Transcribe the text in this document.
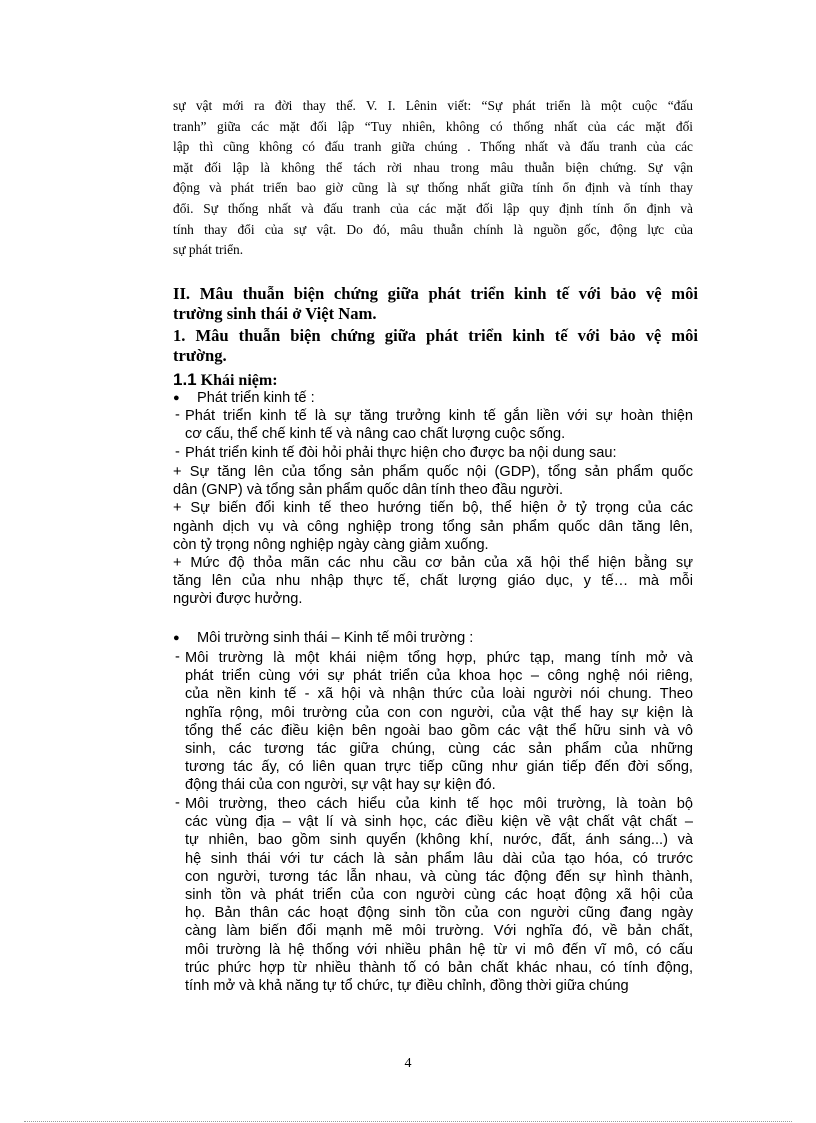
sự vật mới ra đời thay thế. V. I. Lênin viết: “Sự phát triển là một cuộc “đấu
tranh” giữa các mặt đối lập “Tuy nhiên, không có thống nhất của các mặt đối
lập thì cũng không có đấu tranh giữa chúng . Thống nhất và đấu tranh của các
mặt đối lập là không thể tách rời nhau trong mâu thuẫn biện chứng. Sự vận
động và phát triển bao giờ cũng là sự thống nhất giữa tính ổn định và tính thay
đổi. Sự thống nhất và đấu tranh của các mặt đối lập quy định tính ổn định và
tính thay đổi của sự vật. Do đó, mâu thuẫn chính là nguồn gốc, động lực của
sự phát triển.
II. Mâu thuẫn biện chứng giữa phát triển kinh tế với bảo vệ môi
trường sinh thái ở Việt Nam.
1. Mâu thuẫn biện chứng giữa phát triển kinh tế với bảo vệ môi
trường.
1.1 Khái niệm:
● Phát triển kinh tế :
- Phát triển kinh tế là sự tăng trưởng kinh tế gắn liền với sự hoàn thiện
cơ cấu, thể chế kinh tế và nâng cao chất lượng cuộc sống.
- Phát triển kinh tế đòi hỏi phải thực hiện cho được ba nội dung sau:
+ Sự tăng lên của tổng sản phẩm quốc nội (GDP), tổng sản phẩm quốc
dân (GNP) và tổng sản phẩm quốc dân tính theo đầu người.
+ Sự biến đổi kinh tế theo hướng tiến bộ, thể hiện ở tỷ trọng của các
ngành dịch vụ và công nghiệp trong tổng sản phẩm quốc dân tăng lên,
còn tỷ trọng nông nghiệp ngày càng giảm xuống.
+ Mức độ thỏa mãn các nhu cầu cơ bản của xã hội thể hiện bằng sự
tăng lên của nhu nhập thực tế, chất lượng giáo dục, y tế… mà mỗi
người được hưởng.
● Môi trường sinh thái – Kinh tế môi trường :
- Môi trường là một khái niệm tổng hợp, phức tạp, mang tính mở và
phát triển cùng với sự phát triển của khoa học – công nghệ nói riêng,
của nền kinh tế - xã hội và nhận thức của loài người nói chung. Theo
nghĩa rộng, môi trường của con con người, của vật thể hay sự kiện là
tổng thể các điều kiện bên ngoài bao gồm các vật thể hữu sinh và vô
sinh, các tương tác giữa chúng, cùng các sản phẩm của những
tương tác ấy, có liên quan trực tiếp cũng như gián tiếp đến đời sống,
động thái của con người, sự vật hay sự kiện đó.
- Môi trường, theo cách hiểu của kinh tế học môi trường, là toàn bộ
các vùng địa – vật lí và sinh học, các điều kiện về vật chất vật chất –
tự nhiên, bao gồm sinh quyển (không khí, nước, đất, ánh sáng...) và
hệ sinh thái với tư cách là sản phẩm lâu dài của tạo hóa, có trước
con người, tương tác lẫn nhau, và cùng tác động đến sự hình thành,
sinh tồn và phát triển của con người cùng các hoạt động xã hội của
họ. Bản thân các hoạt động sinh tồn của con người cũng đang ngày
càng làm biến đổi mạnh mẽ môi trường. Với nghĩa đó, về bản chất,
môi trường là hệ thống với nhiều phân hệ từ vi mô đến vĩ mô, có cấu
trúc phức hợp từ nhiều thành tố có bản chất khác nhau, có tính động,
tính mở và khả năng tự tổ chức, tự điều chỉnh, đồng thời giữa chúng
4
